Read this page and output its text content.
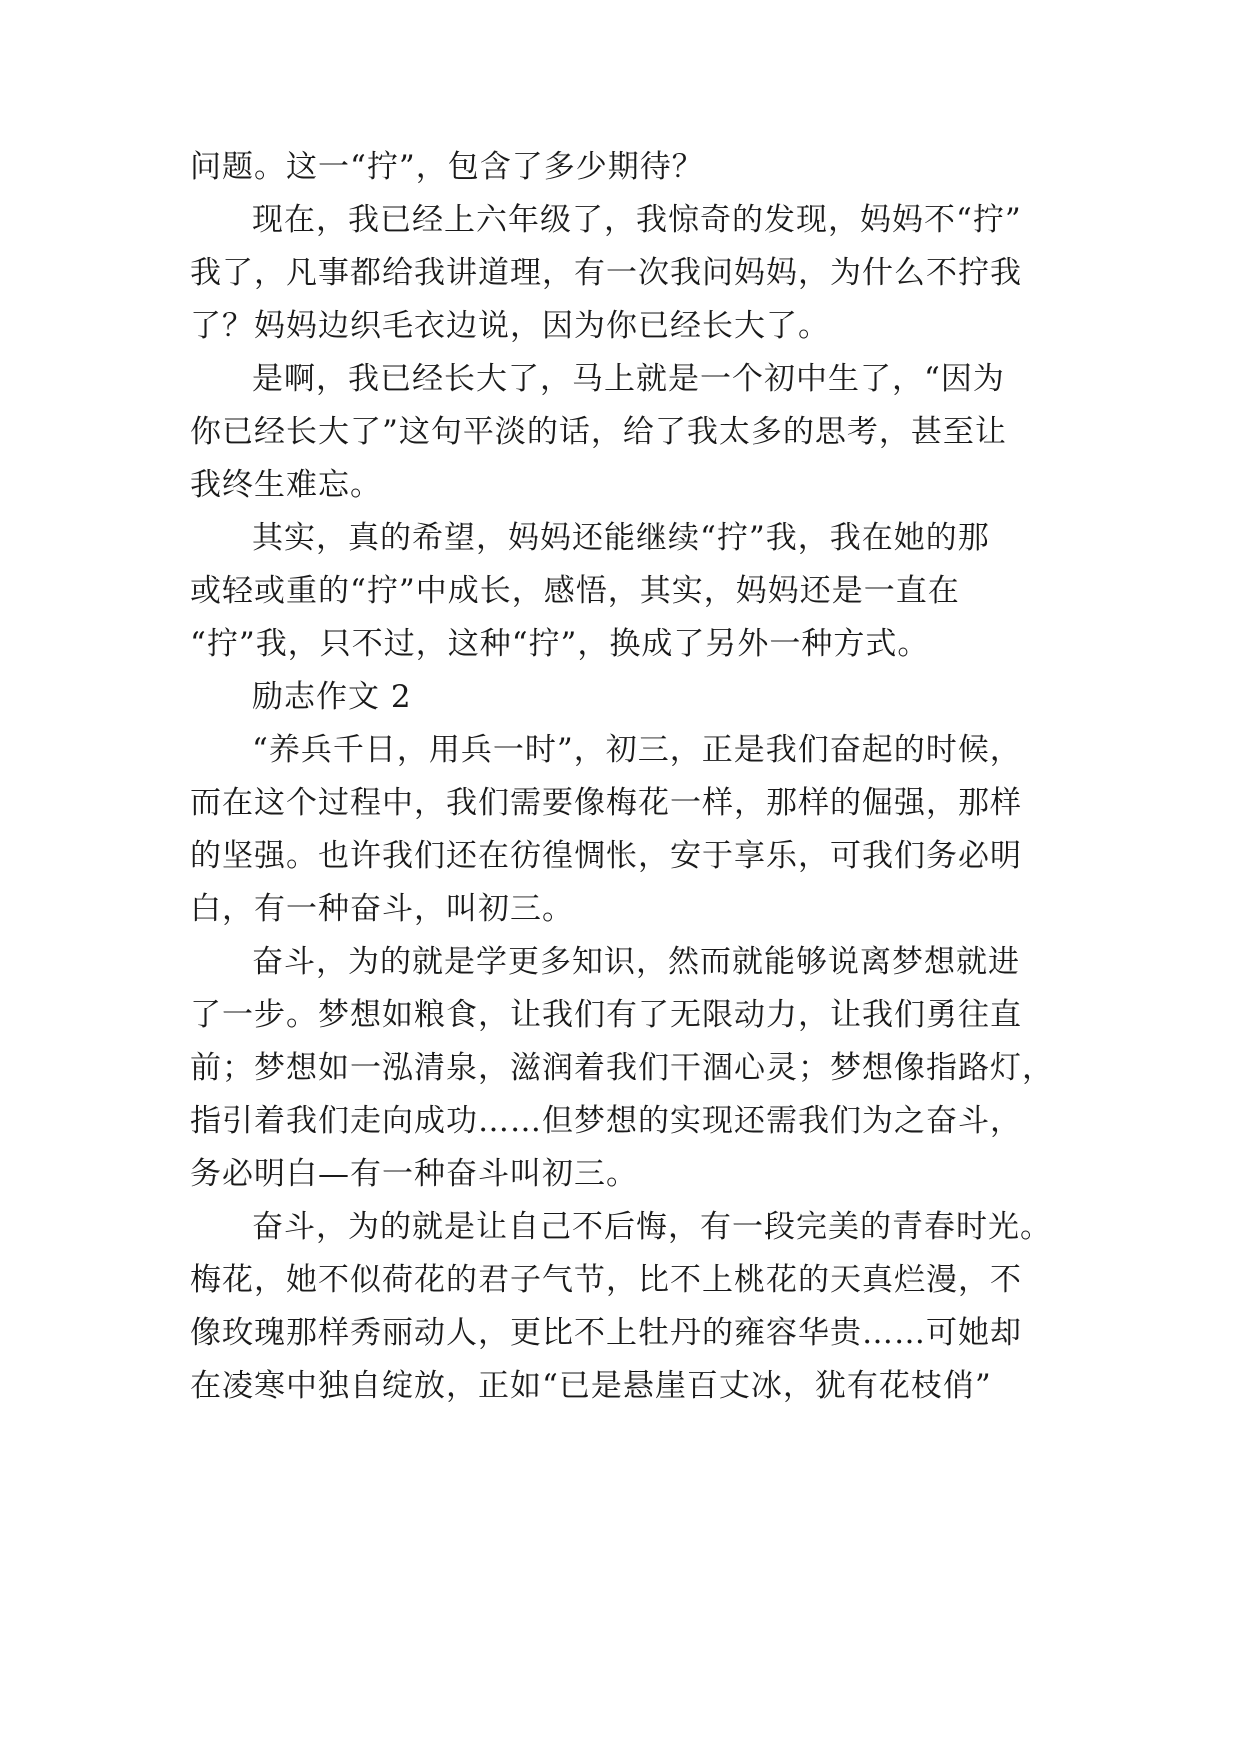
问题。这一“拧”，包含了多少期待？
现在，我已经上六年级了，我惊奇的发现，妈妈不“拧”
我了，凡事都给我讲道理，有一次我问妈妈，为什么不拧我
了？妈妈边织毛衣边说，因为你已经长大了。
是啊，我已经长大了，马上就是一个初中生了，“因为
你已经长大了”这句平淡的话，给了我太多的思考，甚至让
我终生难忘。
其实，真的希望，妈妈还能继续“拧”我，我在她的那
或轻或重的“拧”中成长，感悟，其实，妈妈还是一直在
“拧”我，只不过，这种“拧”，换成了另外一种方式。
励志作文 2
“养兵千日，用兵一时”，初三，正是我们奋起的时候，
而在这个过程中，我们需要像梅花一样，那样的倔强，那样
的坚强。也许我们还在彷徨惆怅，安于享乐，可我们务必明
白，有一种奋斗，叫初三。
奋斗，为的就是学更多知识，然而就能够说离梦想就进
了一步。梦想如粮食，让我们有了无限动力，让我们勇往直
前；梦想如一泓清泉，滋润着我们干涸心灵；梦想像指路灯，
指引着我们走向成功……但梦想的实现还需我们为之奋斗，
务必明白—有一种奋斗叫初三。
奋斗，为的就是让自己不后悔，有一段完美的青春时光。
梅花，她不似荷花的君子气节，比不上桃花的天真烂漫，不
像玫瑰那样秀丽动人，更比不上牡丹的雍容华贵……可她却
在凌寒中独自绽放，正如“已是悬崖百丈冰，犹有花枝俏”
